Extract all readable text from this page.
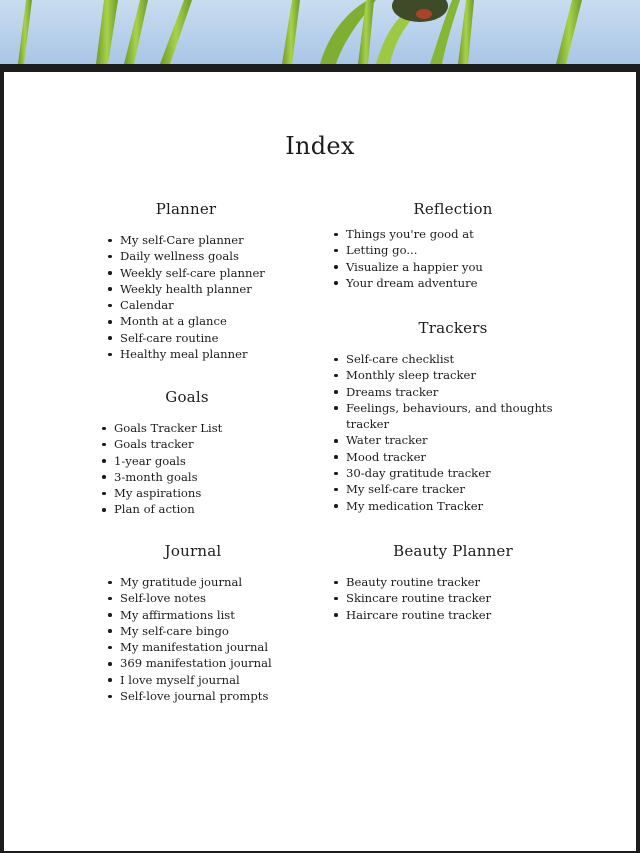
Index
Planner
My self-Care planner
Daily wellness goals
Weekly self-care planner
Weekly health planner
Calendar
Month at a glance
Self-care routine
Healthy meal planner
Goals
Goals Tracker List
Goals tracker
1-year goals
3-month goals
My aspirations
Plan of action
Journal
My gratitude journal
Self-love notes
My affirmations list
My self-care bingo
My manifestation journal
369 manifestation journal
I love myself journal
Self-love journal prompts
Reflection
Things you're good at
Letting go...
Visualize a happier you
Your dream adventure
Trackers
Self-care checklist
Monthly sleep tracker
Dreams tracker
Feelings, behaviours, and thoughts tracker
Water tracker
Mood tracker
30-day gratitude tracker
My self-care tracker
My medication Tracker
Beauty Planner
Beauty routine tracker
Skincare routine tracker
Haircare routine tracker
